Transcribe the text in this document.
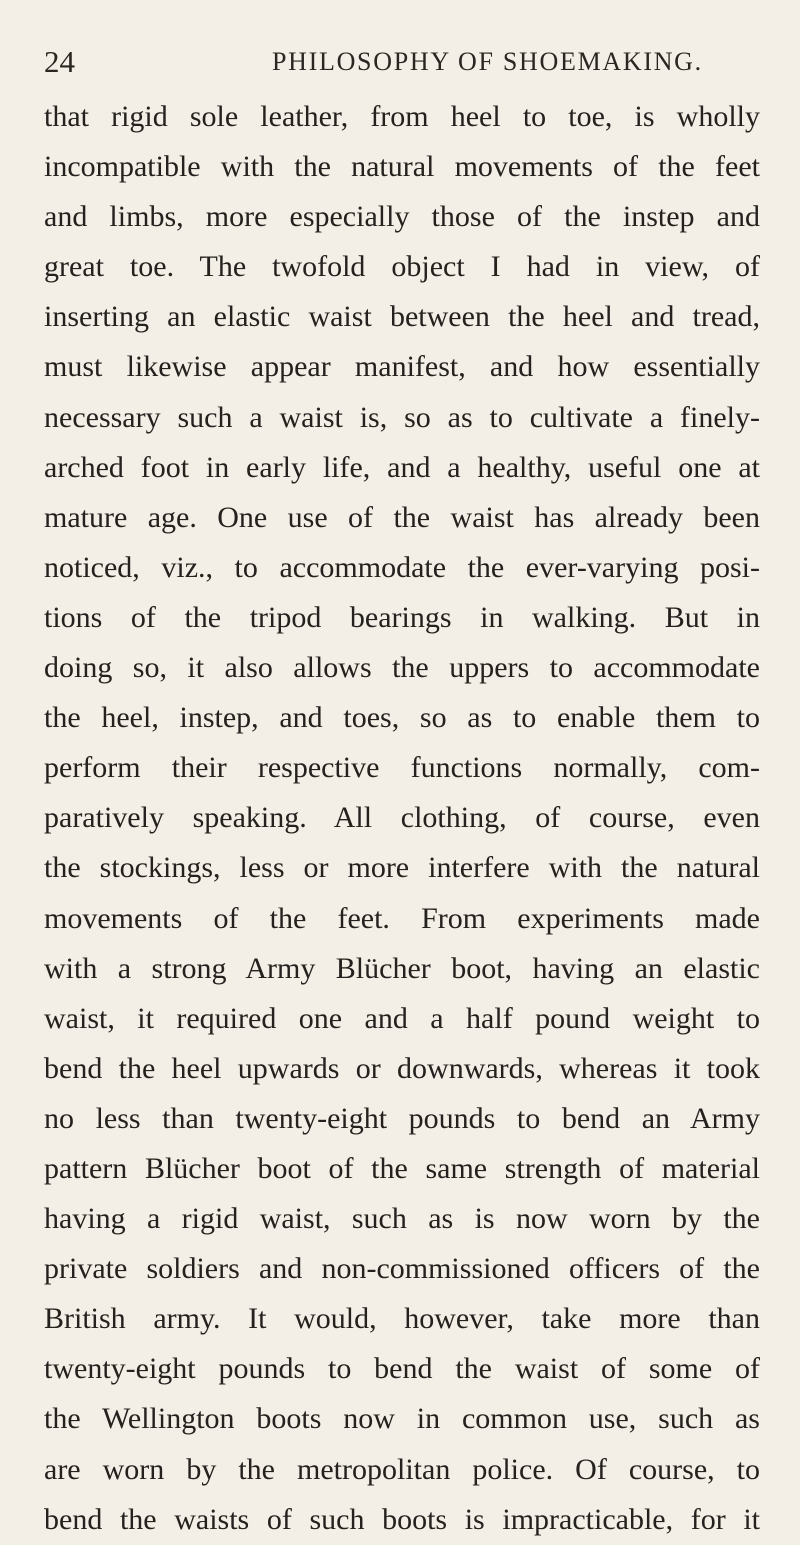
24	PHILOSOPHY OF SHOEMAKING.
that rigid sole leather, from heel to toe, is wholly
incompatible with the natural movements of the feet
and limbs, more especially those of the instep and
great toe. The twofold object I had in view, of
inserting an elastic waist between the heel and tread,
must likewise appear manifest, and how essentially
necessary such a waist is, so as to cultivate a finely-
arched foot in early life, and a healthy, useful one at
mature age. One use of the waist has already been
noticed, viz., to accommodate the ever-varying posi-
tions of the tripod bearings in walking. But in
doing so, it also allows the uppers to accommodate
the heel, instep, and toes, so as to enable them to
perform their respective functions normally, com-
paratively speaking. All clothing, of course, even
the stockings, less or more interfere with the natural
movements of the feet. From experiments made
with a strong Army Blücher boot, having an elastic
waist, it required one and a half pound weight to
bend the heel upwards or downwards, whereas it took
no less than twenty-eight pounds to bend an Army
pattern Blücher boot of the same strength of material
having a rigid waist, such as is now worn by the
private soldiers and non-commissioned officers of the
British army. It would, however, take more than
twenty-eight pounds to bend the waist of some of
the Wellington boots now in common use, such as
are worn by the metropolitan police. Of course, to
bend the waists of such boots is impracticable, for it
